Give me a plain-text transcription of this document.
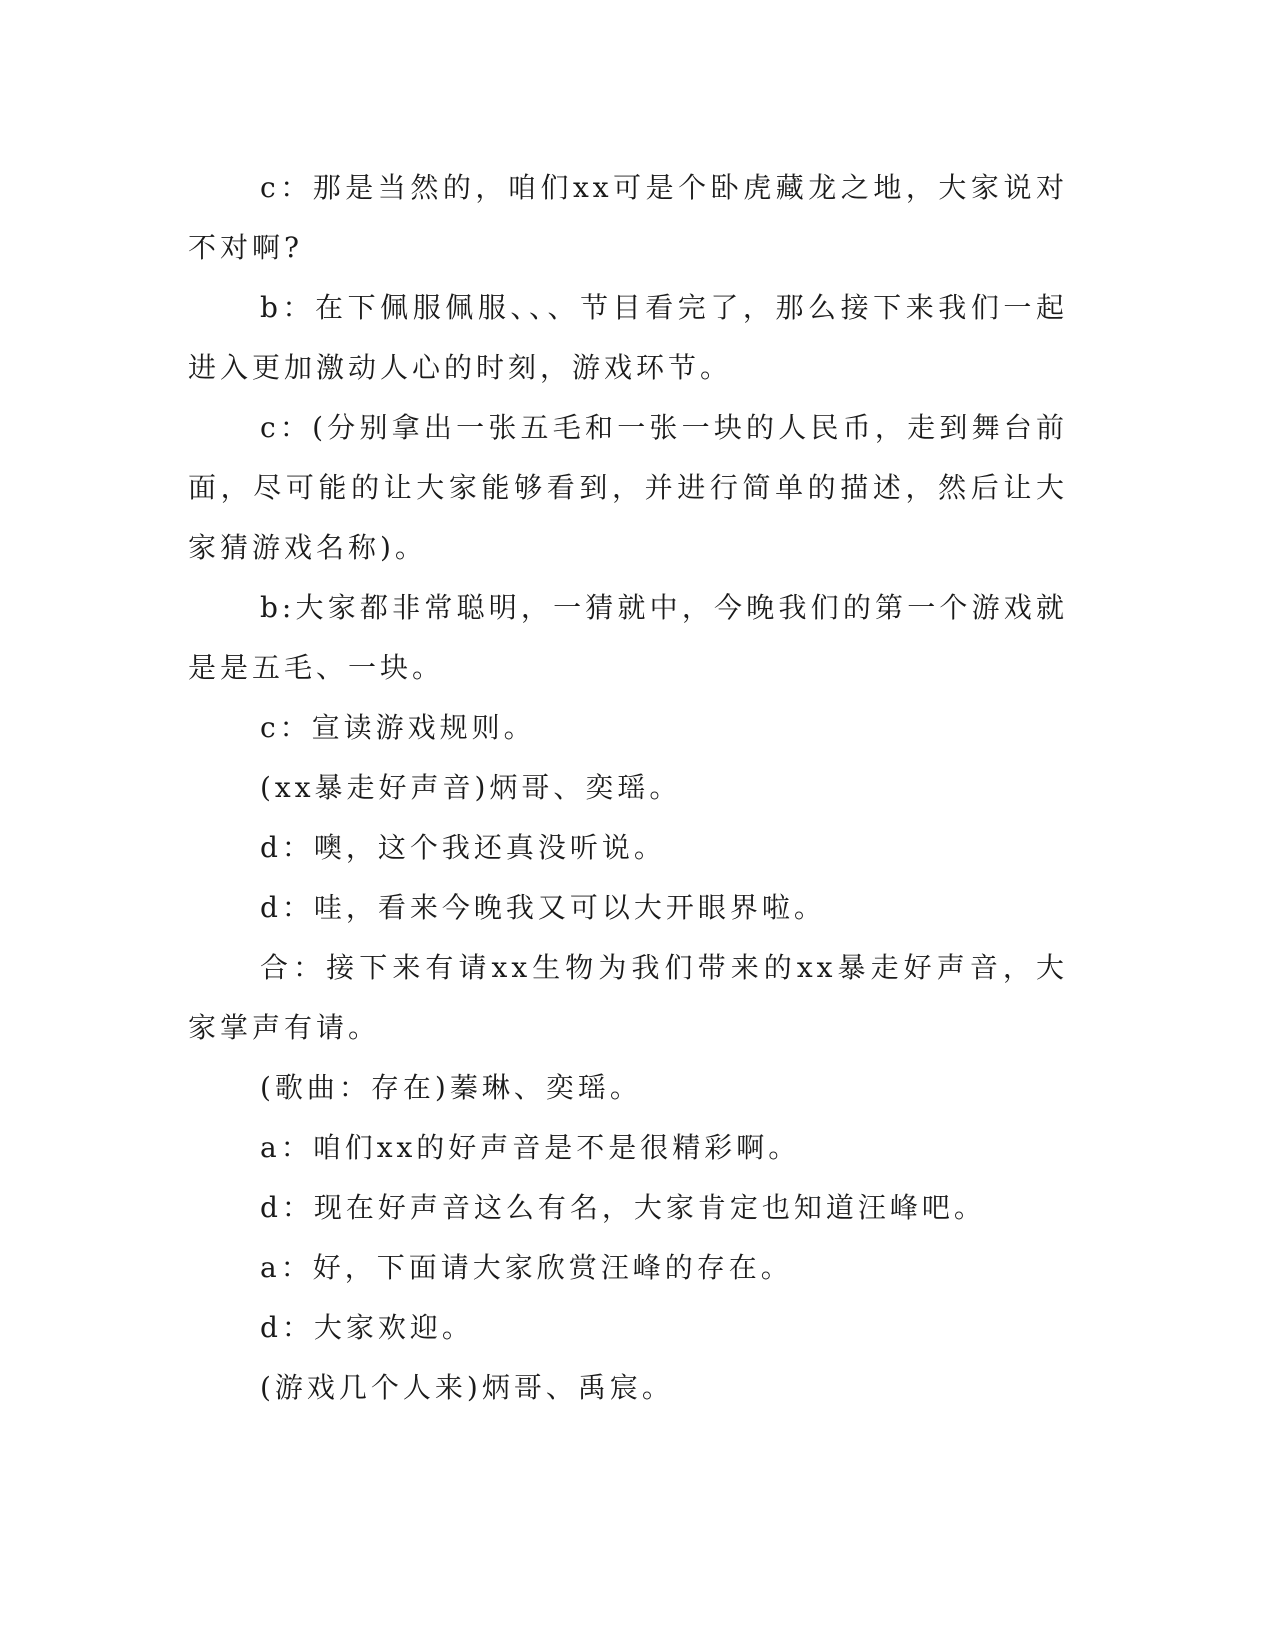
c：那是当然的，咱们xx可是个卧虎藏龙之地，大家说对不对啊?

b：在下佩服佩服、、、节目看完了，那么接下来我们一起进入更加激动人心的时刻，游戏环节。

c：(分别拿出一张五毛和一张一块的人民币，走到舞台前面，尽可能的让大家能够看到，并进行简单的描述，然后让大家猜游戏名称)。

b:大家都非常聪明，一猜就中，今晚我们的第一个游戏就是是五毛、一块。

c：宣读游戏规则。

(xx暴走好声音)炳哥、奕瑶。

d：噢，这个我还真没听说。

d：哇，看来今晚我又可以大开眼界啦。

合：接下来有请xx生物为我们带来的xx暴走好声音，大家掌声有请。

(歌曲：存在)蓁琳、奕瑶。

a：咱们xx的好声音是不是很精彩啊。

d：现在好声音这么有名，大家肯定也知道汪峰吧。

a：好，下面请大家欣赏汪峰的存在。

d：大家欢迎。

(游戏几个人来)炳哥、禹宸。
